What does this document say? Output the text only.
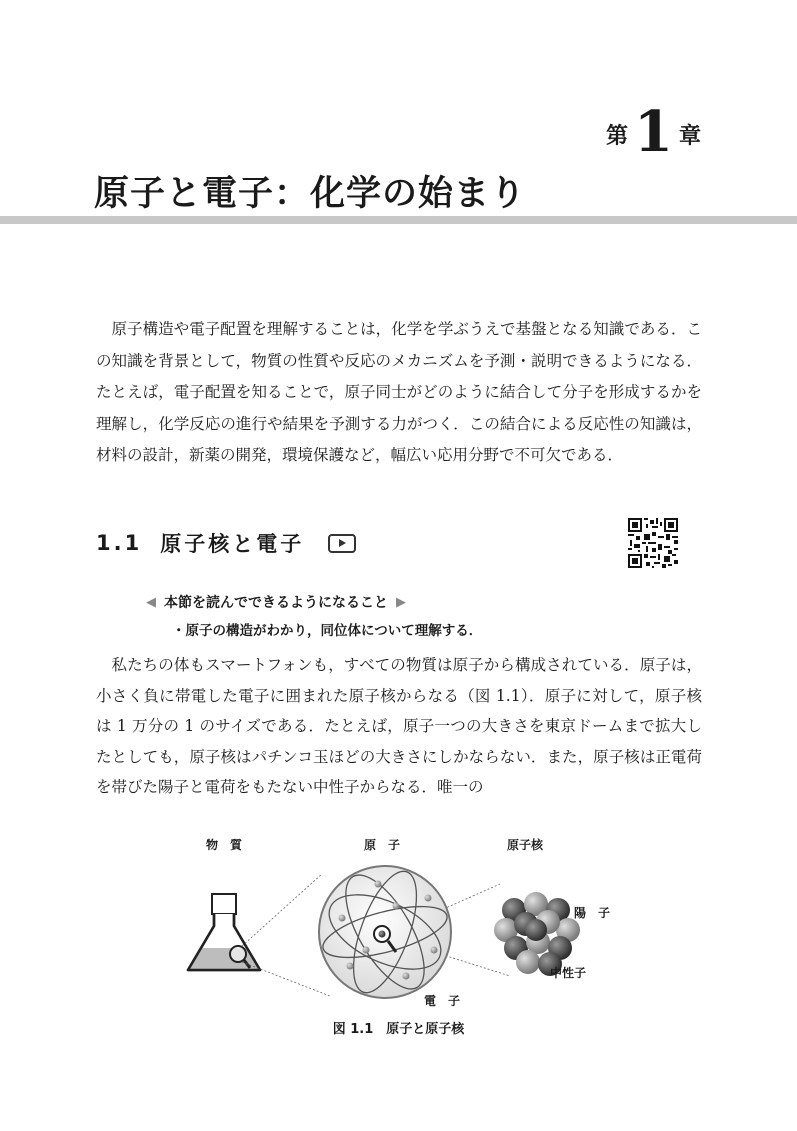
第 1 章
原子と電子：化学の始まり

原子構造や電子配置を理解することは，化学を学ぶうえで基盤となる知識である．この知識を背景として，物質の性質や反応のメカニズムを予測・説明できるようになる．たとえば，電子配置を知ることで，原子同士がどのように結合して分子を形成するかを理解し，化学反応の進行や結果を予測する力がつく．この結合による反応性の知識は，材料の設計，新薬の開発，環境保護など，幅広い応用分野で不可欠である．

1.1 原子核と電子
◀ 本節を読んでできるようになること ▶
・原子の構造がわかり，同位体について理解する．

私たちの体もスマートフォンも，すべての物質は原子から構成されている．原子は，小さく負に帯電した電子に囲まれた原子核からなる（図 1.1）．原子に対して，原子核は 1 万分の 1 のサイズである．たとえば，原子一つの大きさを東京ドームまで拡大したとしても，原子核はパチンコ玉ほどの大きさにしかならない．また，原子核は正電荷を帯びた陽子と電荷をもたない中性子からなる．唯一の

物　質	原　子	原子核
陽　子
中性子
電　子
図 1.1　原子と原子核
